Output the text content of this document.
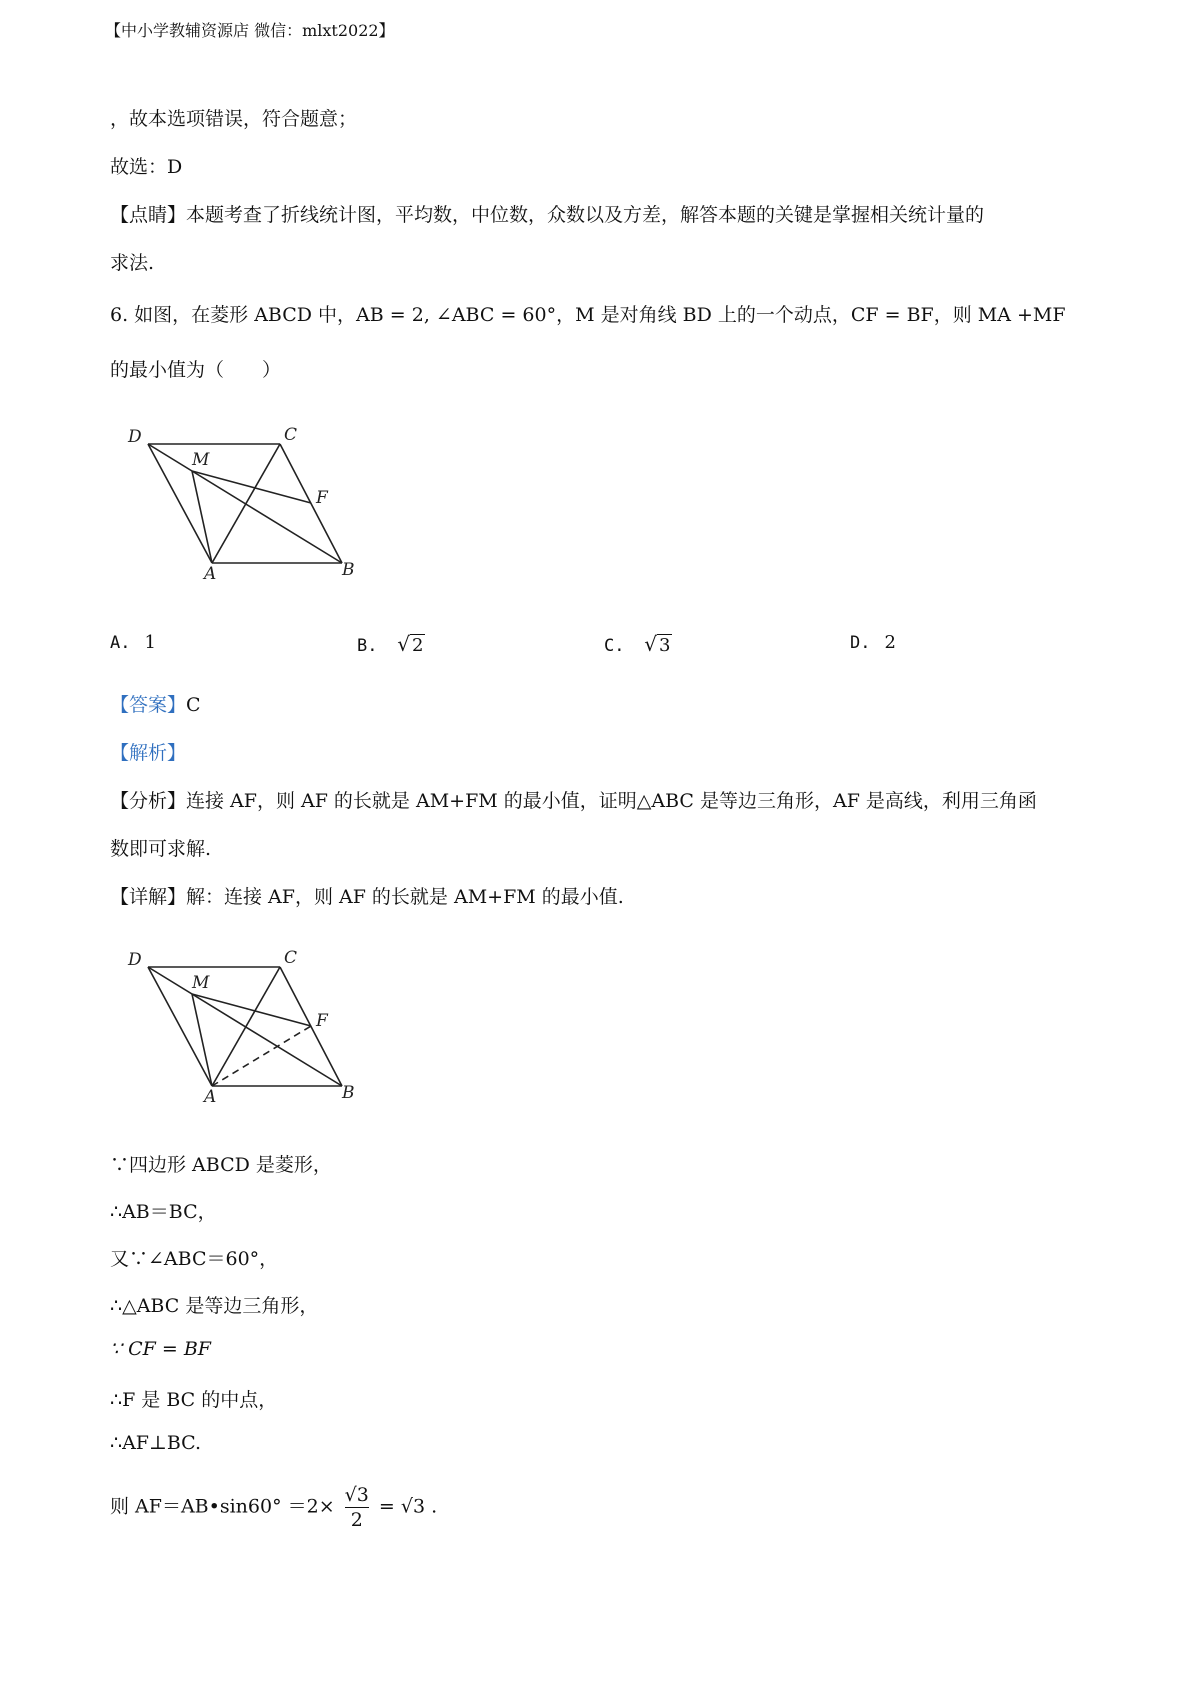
【中小学教辅资源店 微信：mlxt2022】
，故本选项错误，符合题意；
故选：D
【点睛】本题考查了折线统计图，平均数，中位数，众数以及方差，解答本题的关键是掌握相关统计量的
求法.
6. 如图，在菱形 ABCD 中，AB = 2, ∠ABC = 60°，M 是对角线 BD 上的一个动点，CF = BF，则 MA +MF
的最小值为（　　）
D	C
M
F
A	B
A. 1	B. √ 2	C. √ 3	D. 2
【答案】C
【解析】
【分析】连接 AF，则 AF 的长就是 AM+FM 的最小值，证明△ABC 是等边三角形，AF 是高线，利用三角函
数即可求解.
【详解】解：连接 AF，则 AF 的长就是 AM+FM 的最小值.
D	C
M
F
A	B
∵四边形 ABCD 是菱形，
∴AB＝BC，
又∵∠ABC＝60°，
∴△ABC 是等边三角形，
∵ CF = BF
∴F 是 BC 的中点，
∴AF⊥BC.
则 AF＝AB•sin60° $=2\times \frac{√3}{2} = √3$ .
